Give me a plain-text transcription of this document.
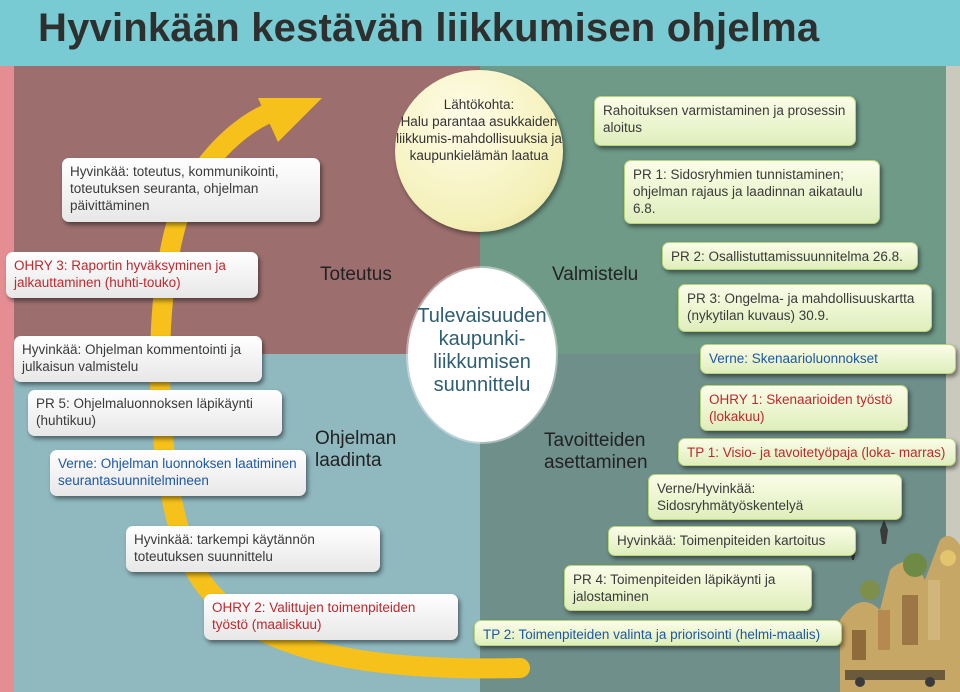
Hyvinkään kestävän liikkumisen ohjelma
Tulevaisuuden kaupunki-liikkumisen suunnittelu
Lähtökohta:
Halu parantaa asukkaiden liikkumis-mahdollisuuksia ja kaupunkielämän laatua
Toteutus	Valmistelu
Ohjelman laadinta
Tavoitteiden asettaminen
Hyvinkää: toteutus, kommunikointi, toteutuksen seuranta, ohjelman päivittäminen
Rahoituksen varmistaminen ja prosessin aloitus
PR 1: Sidosryhmien tunnistaminen; ohjelman rajaus ja laadinnan aikataulu 6.8.
PR 2: Osallistuttamissuunnitelma 26.8.
PR 3: Ongelma- ja mahdollisuuskartta (nykytilan kuvaus) 30.9.
Verne: Skenaarioluonnokset
OHRY 1: Skenaarioiden työstö (lokakuu)
TP 1: Visio- ja tavoitetyöpaja (loka- marras)
Verne/Hyvinkää: Sidosryhmätyöskentelyä
Hyvinkää: Toimenpiteiden kartoitus
PR 4: Toimenpiteiden läpikäynti ja jalostaminen
TP 2: Toimenpiteiden valinta ja priorisointi (helmi-maalis)
OHRY 2: Valittujen toimenpiteiden työstö (maaliskuu)
Hyvinkää: tarkempi käytännön toteutuksen suunnittelu
Verne: Ohjelman luonnoksen laatiminen seurantasuunnitelmineen
PR 5: Ohjelmaluonnoksen läpikäynti (huhtikuu)
Hyvinkää: Ohjelman kommentointi ja julkaisun valmistelu
OHRY 3: Raportin hyväksyminen ja jalkauttaminen (huhti-touko)
